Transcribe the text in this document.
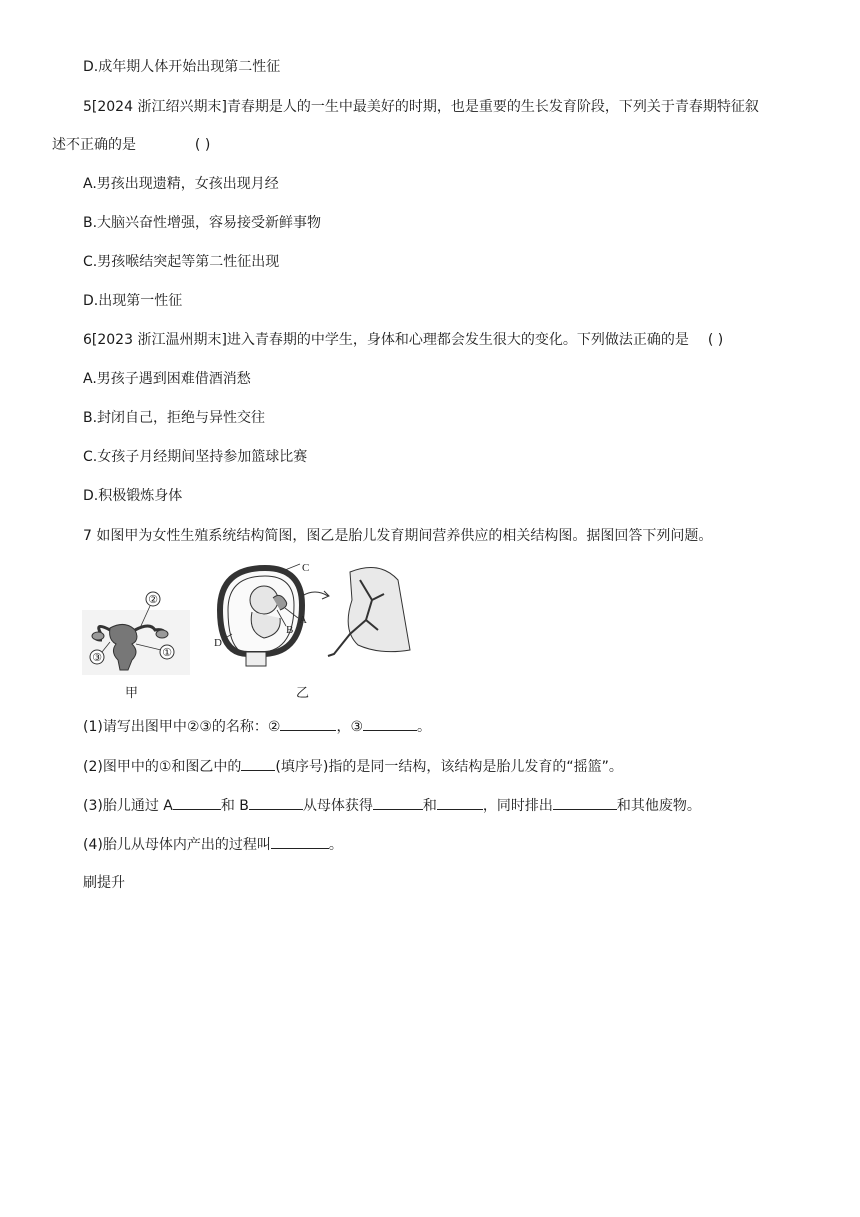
D.成年期人体开始出现第二性征
5[2024 浙江绍兴期末]青春期是人的一生中最美好的时期，也是重要的生长发育阶段，下列关于青春期特征叙
述不正确的是	( )
A.男孩出现遗精，女孩出现月经
B.大脑兴奋性增强，容易接受新鲜事物
C.男孩喉结突起等第二性征出现
D.出现第一性征
6[2023 浙江温州期末]进入青春期的中学生，身体和心理都会发生很大的变化。下列做法正确的是 ( )
A.男孩子遇到困难借酒消愁
B.封闭自己，拒绝与异性交往
C.女孩子月经期间坚持参加篮球比赛
D.积极锻炼身体
7 如图甲为女性生殖系统结构简图，图乙是胎儿发育期间营养供应的相关结构图。据图回答下列问题。
②
③	①
C
A
B
D
甲	乙
(1)请写出图甲中②③的名称：②	，③	。
(2)图甲中的①和图乙中的 (填序号)指的是同一结构，该结构是胎儿发育的“摇篮”。
(3)胎儿通过 A	和 B	从母体获得	和	，同时排出	和其他废物。
(4)胎儿从母体内产出的过程叫	。
刷提升
